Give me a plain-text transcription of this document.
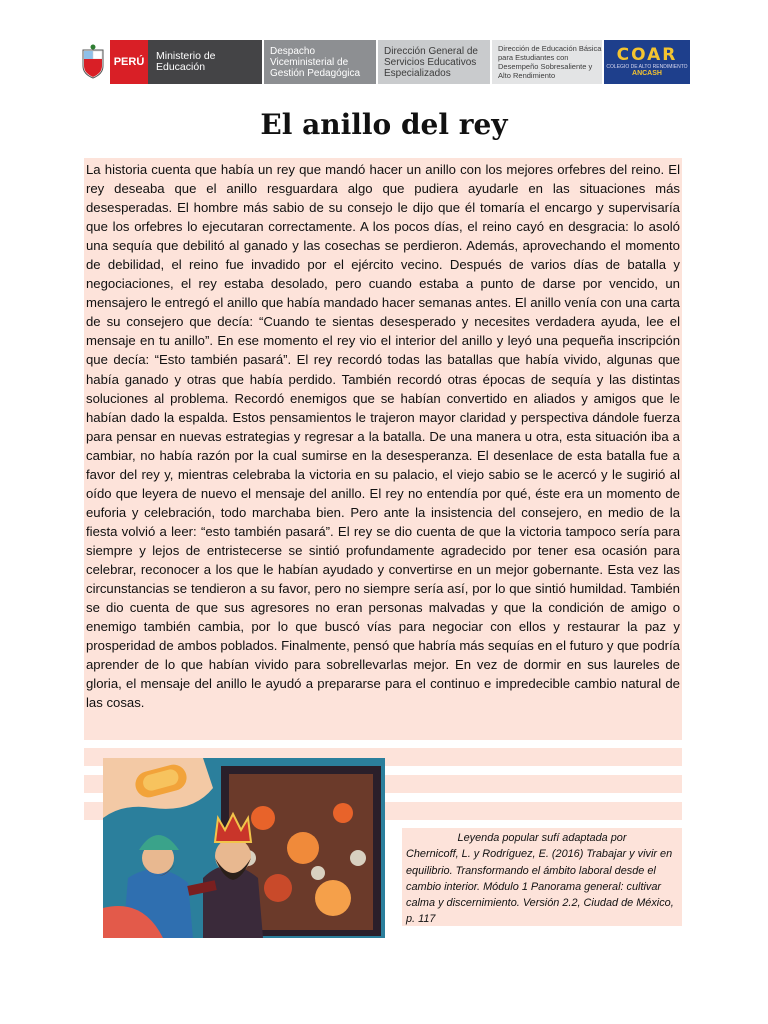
PERÚ	Ministerio de Educación
Despacho Viceministerial de Gestión Pedagógica
Dirección General de Servicios Educativos Especializados
Dirección de Educación Básica para Estudiantes con Desempeño Sobresaliente y Alto Rendimiento
COAR
COLEGIO DE ALTO RENDIMIENTO
ANCASH
El anillo del rey

La historia cuenta que había un rey que mandó hacer un anillo con los mejores orfebres del reino. El rey deseaba que el anillo resguardara algo que pudiera ayudarle en las situaciones más desesperadas. El hombre más sabio de su consejo le dijo que él tomaría el encargo y supervisaría que los orfebres lo ejecutaran correctamente. A los pocos días, el reino cayó en desgracia: lo asoló una sequía que debilitó al ganado y las cosechas se perdieron. Además, aprovechando el momento de debilidad, el reino fue invadido por el ejército vecino. Después de varios días de batalla y negociaciones, el rey estaba desolado, pero cuando estaba a punto de darse por vencido, un mensajero le entregó el anillo que había mandado hacer semanas antes. El anillo venía con una carta de su consejero que decía: “Cuando te sientas desesperado y necesites verdadera ayuda, lee el mensaje en tu anillo”. En ese momento el rey vio el interior del anillo y leyó una pequeña inscripción que decía: “Esto también pasará”. El rey recordó todas las batallas que había vivido, algunas que había ganado y otras que había perdido. También recordó otras épocas de sequía y las distintas soluciones al problema. Recordó enemigos que se habían convertido en aliados y amigos que le habían dado la espalda. Estos pensamientos le trajeron mayor claridad y perspectiva dándole fuerza para pensar en nuevas estrategias y regresar a la batalla. De una manera u otra, esta situación iba a cambiar, no había razón por la cual sumirse en la desesperanza. El desenlace de esta batalla fue a favor del rey y, mientras celebraba la victoria en su palacio, el viejo sabio se le acercó y le sugirió al oído que leyera de nuevo el mensaje del anillo. El rey no entendía por qué, éste era un momento de euforia y celebración, todo marchaba bien. Pero ante la insistencia del consejero, en medio de la fiesta volvió a leer: “esto también pasará”. El rey se dio cuenta de que la victoria tampoco sería para siempre y lejos de entristecerse se sintió profundamente agradecido por tener esa ocasión para celebrar, reconocer a los que le habían ayudado y convertirse en un mejor gobernante. Esta vez las circunstancias se tendieron a su favor, pero no siempre sería así, por lo que sintió humildad. También se dio cuenta de que sus agresores no eran personas malvadas y que la condición de amigo o enemigo también cambia, por lo que buscó vías para negociar con ellos y restaurar la paz y prosperidad de ambos poblados. Finalmente, pensó que habría más sequías en el futuro y que podría aprender de lo que habían vivido para sobrellevarlas mejor. En vez de dormir en sus laureles de gloria, el mensaje del anillo le ayudó a prepararse para el continuo e impredecible cambio natural de las cosas.

Leyenda popular sufí adaptada por
Chernicoff, L. y Rodríguez, E. (2016) Trabajar y vivir en equilibrio. Transformando el ámbito laboral desde el cambio interior. Módulo 1 Panorama general: cultivar calma y discernimiento. Versión 2.2, Ciudad de México, p. 117
